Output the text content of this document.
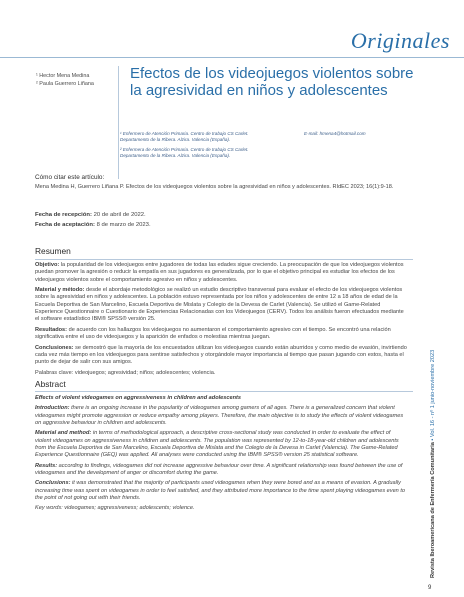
Originales
¹ Hector Mena Medina
² Paula Guerrero Liñana
Efectos de los videojuegos violentos sobre la agresividad en niños y adolescentes
¹ Enfermero de Atención Primaria. Centro de trabajo CS Carlet.	E-mail: hmena4@hotmail.com
Departamento de la Ribera. Alzira. Valencia (España).
² Enfermera de Atención Primaria. Centro de trabajo CS Carlet.
Departamento de la Ribera. Alzira. Valencia (España).
Cómo citar este artículo:
Mena Medina H, Guerrero Liñana P. Efectos de los videojuegos violentos sobre la agresividad en niños y adolescentes. RIdEC 2023; 16(1):9-18.
Fecha de recepción: 20 de abril de 2022.
Fecha de aceptación: 8 de marzo de 2023.
Resumen

Objetivo: la popularidad de los videojuegos entre jugadores de todas las edades sigue creciendo. La preocupación de que los videojuegos violentos puedan promover la agresión o reducir la empatía en sus jugadores es generalizada, por lo que el objetivo principal es estudiar los efectos de los videojuegos violentos sobre el comportamiento agresivo en niños y adolescentes.

Material y método: desde el abordaje metodológico se realizó un estudio descriptivo transversal para evaluar el efecto de los videojuegos violentos sobre la agresividad en niños y adolescentes. La población estuvo representada por los niños y adolescentes de entre 12 a 18 años de edad de la Escuela Deportiva de San Marcelino, Escuela Deportiva de Mislata y Colegio de la Devesa de Carlet (Valencia). Se utilizó el Game-Related Experience Questionnaire o Cuestionario de Experiencias Relacionadas con los Videojuegos (CERV). Todos los análisis fueron efectuados mediante el software estadístico IBM® SPSS® versión 25.

Resultados: de acuerdo con los hallazgos los videojuegos no aumentaron el comportamiento agresivo con el tiempo. Se encontró una relación significativa entre el uso de videojuegos y la aparición de enfados o molestias mientras juegan.

Conclusiones: se demostró que la mayoría de los encuestados utilizan los videojuegos cuando están aburridos y como medio de evasión, invirtiendo cada vez más tiempo en los videojuegos para sentirse satisfechos y otorgándole mayor importancia al tiempo que pasan jugando con estos, hasta el punto de dejar de salir con sus amigos.

Palabras clave: videojuegos; agresividad; niños; adolescentes; violencia.

Abstract

Effects of violent videogames on aggressiveness in children and adolescents

Introduction: there is an ongoing increase in the popularity of videogames among gamers of all ages. There is a generalized concern that violent videogames might promote aggression or reduce empathy among players. Therefore, the main objective is to study the effects of violent videogames on aggressive behaviour in children and adolescents.

Material and method: in terms of methodological approach, a descriptive cross-sectional study was conducted in order to evaluate the effect of violent videogames on aggressiveness in children and adolescents. The population was represented by 12-to-18-year-old children and adolescents from the Escuela Deportiva de San Marcelino, Escuela Deportiva de Mislata and the Colegio de la Devesa in Carlet (Valencia). The Game-Related Experience Questionnaire (GEQ) was applied. All analyses were conducted using the IBM® SPSS® version 25 statistical software.

Results: according to findings, videogames did not increase aggressive behaviour over time. A significant relationship was found between the use of videogames and the development of anger or discomfort during the game.

Conclusions: it was demonstrated that the majority of participants used videogames when they were bored and as a means of evasion. A gradually increasing time was spent on videogames in order to feel satisfied, and they attributed more importance to the time spent playing videogames even to the point of not going out with their friends.

Key words: videogames; aggressiveness; adolescents; violence.	Revista Iberoamericana de Enfermería Comunitaria • Vol. 16 - nº 1 junio-noviembre 2023
9
